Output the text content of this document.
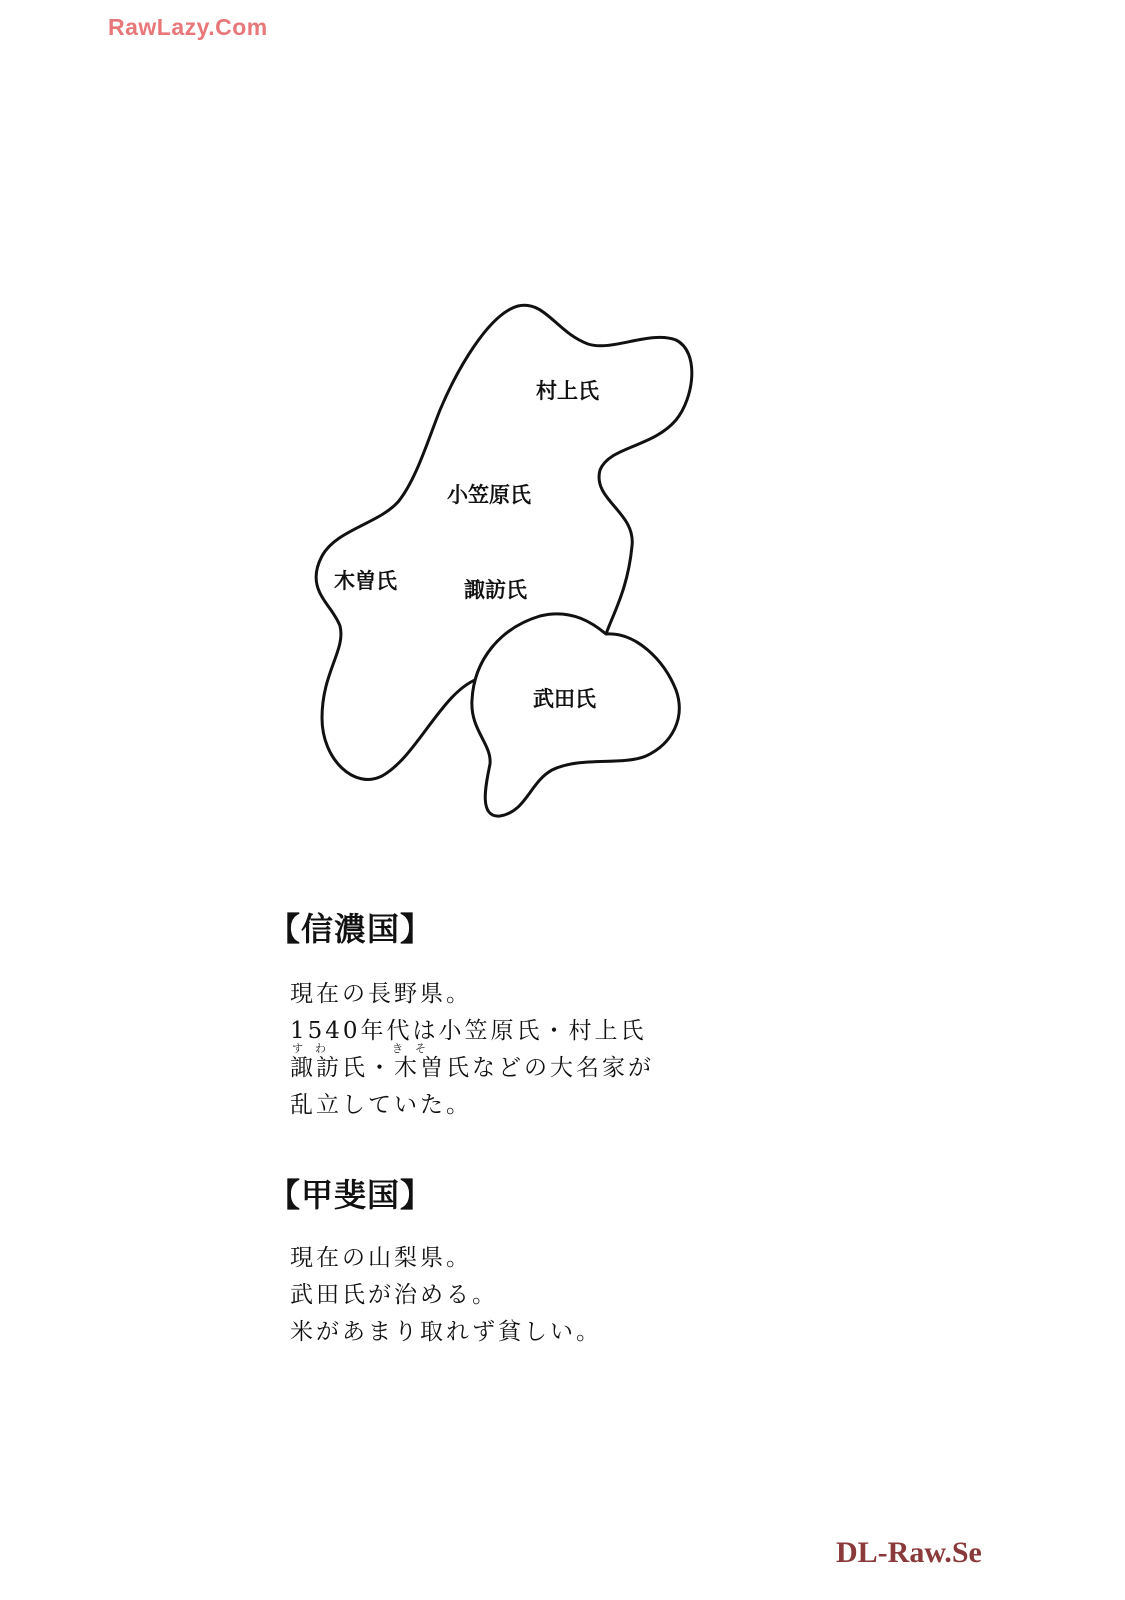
RawLazy.Com
村上氏
小笠原氏
木曽氏	諏訪氏
武田氏
【信濃国】
現在の長野県。
1540年代は小笠原氏・村上氏
諏訪氏・木曽氏などの大名家が
乱立していた。
すわ	きそ
【甲斐国】
現在の山梨県。
武田氏が治める。
米があまり取れず貧しい。
DL-Raw.Se
